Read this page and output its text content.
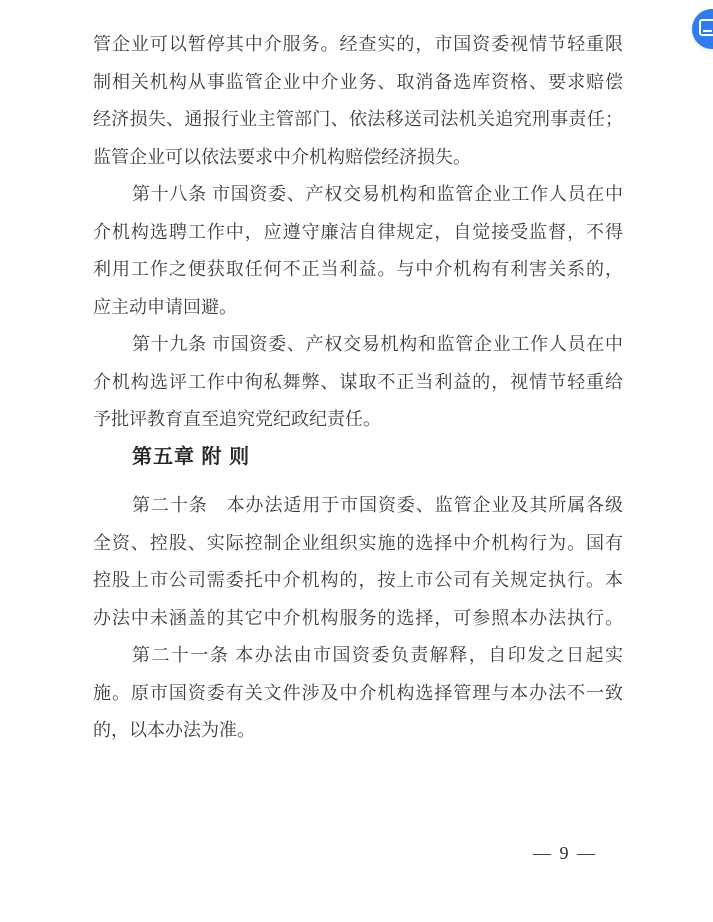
管企业可以暂停其中介服务。经查实的，市国资委视情节轻重限
制相关机构从事监管企业中介业务、取消备选库资格、要求赔偿
经济损失、通报行业主管部门、依法移送司法机关追究刑事责任；
监管企业可以依法要求中介机构赔偿经济损失。
第十八条 市国资委、产权交易机构和监管企业工作人员在中
介机构选聘工作中，应遵守廉洁自律规定，自觉接受监督，不得
利用工作之便获取任何不正当利益。与中介机构有利害关系的，
应主动申请回避。
第十九条 市国资委、产权交易机构和监管企业工作人员在中
介机构选评工作中徇私舞弊、谋取不正当利益的，视情节轻重给
予批评教育直至追究党纪政纪责任。
第五章 附 则
第二十条　本办法适用于市国资委、监管企业及其所属各级
全资、控股、实际控制企业组织实施的选择中介机构行为。国有
控股上市公司需委托中介机构的，按上市公司有关规定执行。本
办法中未涵盖的其它中介机构服务的选择，可参照本办法执行。
第二十一条 本办法由市国资委负责解释，自印发之日起实
施。原市国资委有关文件涉及中介机构选择管理与本办法不一致
的，以本办法为准。
— 9 —
